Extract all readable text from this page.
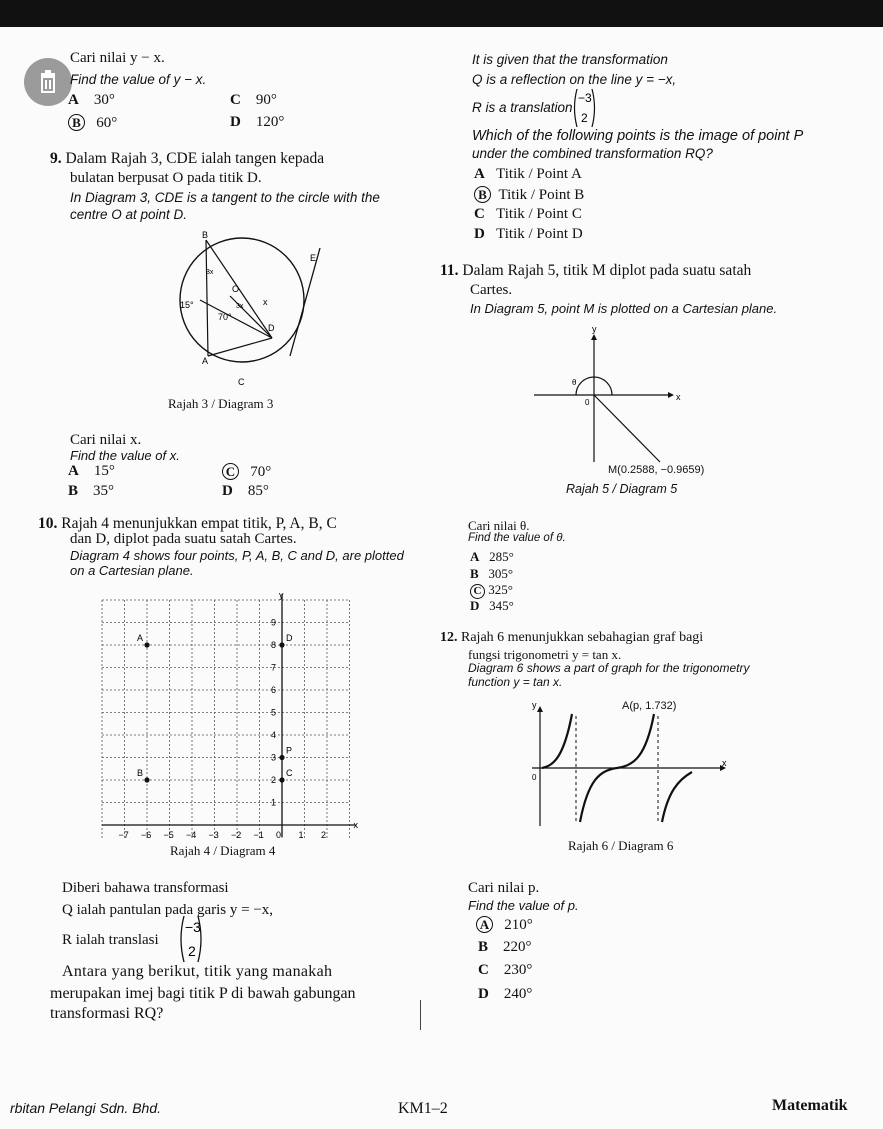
Cari nilai y − x.
Find the value of y − x.
A 30°
B 60°
C 90°
D 120°
9. Dalam Rajah 3, CDE ialah tangen kepada
bulatan berpusat O pada titik D.
In Diagram 3, CDE is a tangent to the circle with the
centre O at point D.
B
E
O
x
D
A
C
15°
70°
3x
3x
Rajah 3 / Diagram 3
Cari nilai x.
Find the value of x.
A 15°
B 35°
C 70°
D 85°
10. Rajah 4 menunjukkan empat titik, P, A, B, C
dan D, diplot pada suatu satah Cartes.
Diagram 4 shows four points, P, A, B, C and D, are plotted
on a Cartesian plane.
y
x
−7 −6 −5 −4 −3 −2 −1 0 1 2
1
2
3
4
5
6
7
8
9
A	D
P
C
B
Rajah 4 / Diagram 4
Diberi bahawa transformasi
Q ialah pantulan pada garis y = −x,
R ialah translasi
−3
2
Antara yang berikut, titik yang manakah
merupakan imej bagi titik P di bawah gabungan
transformasi RQ?
It is given that the transformation
Q is a reflection on the line y = −x,
R is a translation
−3
2
Which of the following points is the image of point P
under the combined transformation RQ?
A Titik / Point A
B Titik / Point B
C Titik / Point C
D Titik / Point D
11. Dalam Rajah 5, titik M diplot pada suatu satah
Cartes.
In Diagram 5, point M is plotted on a Cartesian plane.
y
x
0
θ
M(0.2588, −0.9659)
Rajah 5 / Diagram 5
Cari nilai θ.
Find the value of θ.
A 285°
B 305°
C 325°
D 345°
12. Rajah 6 menunjukkan sebahagian graf bagi
fungsi trigonometri y = tan x.
Diagram 6 shows a part of graph for the trigonometry
function y = tan x.
y
x
0
A(p, 1.732)
Rajah 6 / Diagram 6
Cari nilai p.
Find the value of p.
A 210°
B 220°
C 230°
D 240°
rbitan Pelangi Sdn. Bhd.	KM1–2	Matematik
